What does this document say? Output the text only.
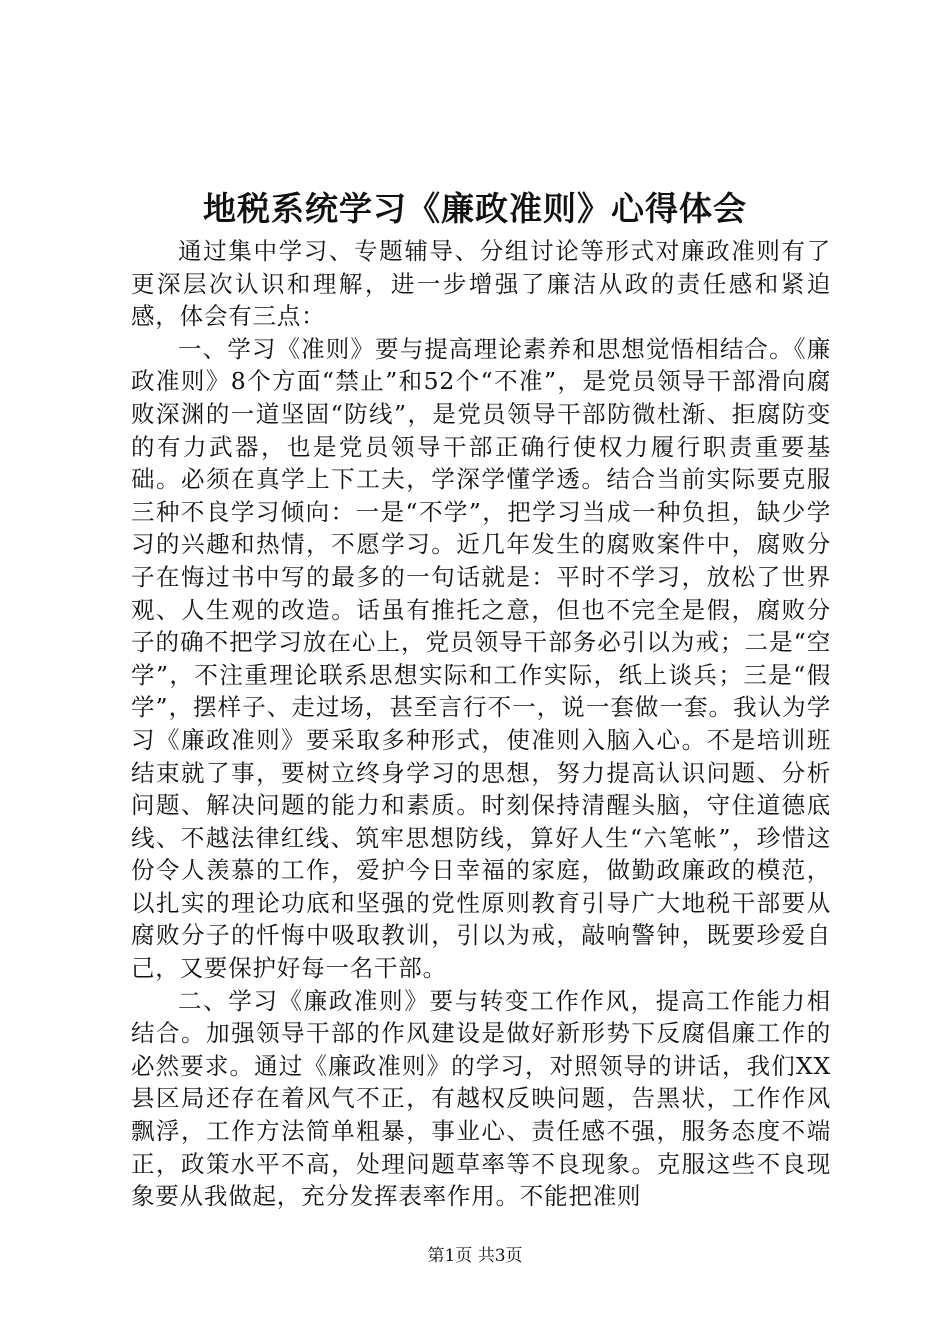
地税系统学习《廉政准则》心得体会

通过集中学习、专题辅导、分组讨论等形式对廉政准则有了更深层次认识和理解，进一步增强了廉洁从政的责任感和紧迫感，体会有三点：

一、学习《准则》要与提高理论素养和思想觉悟相结合。《廉政准则》8个方面“禁止”和52个“不准”，是党员领导干部滑向腐败深渊的一道坚固“防线”，是党员领导干部防微杜渐、拒腐防变的有力武器，也是党员领导干部正确行使权力履行职责重要基础。必须在真学上下工夫，学深学懂学透。结合当前实际要克服三种不良学习倾向：一是“不学”，把学习当成一种负担，缺少学习的兴趣和热情，不愿学习。近几年发生的腐败案件中，腐败分子在悔过书中写的最多的一句话就是：平时不学习，放松了世界观、人生观的改造。话虽有推托之意，但也不完全是假，腐败分子的确不把学习放在心上，党员领导干部务必引以为戒；二是“空学”，不注重理论联系思想实际和工作实际，纸上谈兵；三是“假学”，摆样子、走过场，甚至言行不一，说一套做一套。我认为学习《廉政准则》要采取多种形式，使准则入脑入心。不是培训班结束就了事，要树立终身学习的思想，努力提高认识问题、分析问题、解决问题的能力和素质。时刻保持清醒头脑，守住道德底线、不越法律红线、筑牢思想防线，算好人生“六笔帐”，珍惜这份令人羡慕的工作，爱护今日幸福的家庭，做勤政廉政的模范，以扎实的理论功底和坚强的党性原则教育引导广大地税干部要从腐败分子的忏悔中吸取教训，引以为戒，敲响警钟，既要珍爱自己，又要保护好每一名干部。

二、学习《廉政准则》要与转变工作作风，提高工作能力相结合。加强领导干部的作风建设是做好新形势下反腐倡廉工作的必然要求。通过《廉政准则》的学习，对照领导的讲话，我们XX县区局还存在着风气不正，有越权反映问题，告黑状，工作作风飘浮，工作方法简单粗暴，事业心、责任感不强，服务态度不端正，政策水平不高，处理问题草率等不良现象。克服这些不良现象要从我做起，充分发挥表率作用。不能把准则

第1页 共3页
